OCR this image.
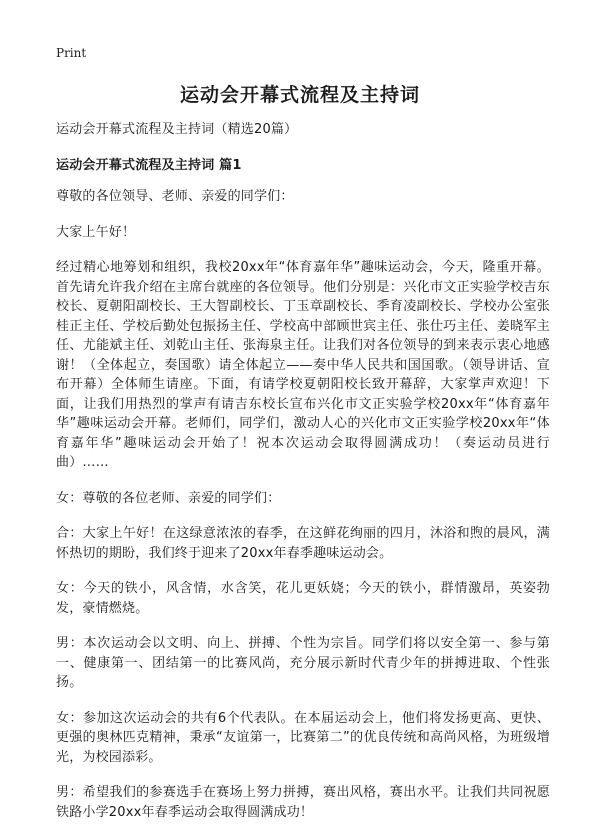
Print
运动会开幕式流程及主持词

运动会开幕式流程及主持词（精选20篇）

运动会开幕式流程及主持词 篇1

尊敬的各位领导、老师、亲爱的同学们：

大家上午好！

经过精心地筹划和组织，我校20xx年“体育嘉年华”趣味运动会，今天，隆重开幕。首先请允许我介绍在主席台就座的各位领导。他们分别是：兴化市文正实验学校吉东校长、夏朝阳副校长、王大智副校长、丁玉章副校长、季育凌副校长、学校办公室张桂正主任、学校后勤处包振扬主任、学校高中部顾世宾主任、张仕巧主任、姜晓军主任、尤能斌主任、刘乾山主任、张海泉主任。让我们对各位领导的到来表示衷心地感谢！（全体起立，奏国歌）请全体起立——奏中华人民共和国国歌。（领导讲话、宣布开幕）全体师生请座。下面，有请学校夏朝阳校长致开幕辞，大家掌声欢迎！下面，让我们用热烈的掌声有请吉东校长宣布兴化市文正实验学校20xx年“体育嘉年华”趣味运动会开幕。老师们，同学们，激动人心的兴化市文正实验学校20xx年“体育嘉年华”趣味运动会开始了！祝本次运动会取得圆满成功！（奏运动员进行曲）……

女：尊敬的各位老师、亲爱的同学们：

合：大家上午好！在这绿意浓浓的春季，在这鲜花绚丽的四月，沐浴和煦的晨风，满怀热切的期盼，我们终于迎来了20xx年春季趣味运动会。

女：今天的铁小，风含情，水含笑，花儿更妖娆；今天的铁小，群情激昂，英姿勃发，豪情燃烧。

男：本次运动会以文明、向上、拼搏、个性为宗旨。同学们将以安全第一、参与第一、健康第一、团结第一的比赛风尚，充分展示新时代青少年的拼搏进取、个性张扬。

女：参加这次运动会的共有6个代表队。在本届运动会上，他们将发扬更高、更快、更强的奥林匹克精神，秉承“友谊第一，比赛第二”的优良传统和高尚风格，为班级增光，为校园添彩。

男：希望我们的参赛选手在赛场上努力拼搏，赛出风格，赛出水平。让我们共同祝愿铁路小学20xx年春季运动会取得圆满成功！
